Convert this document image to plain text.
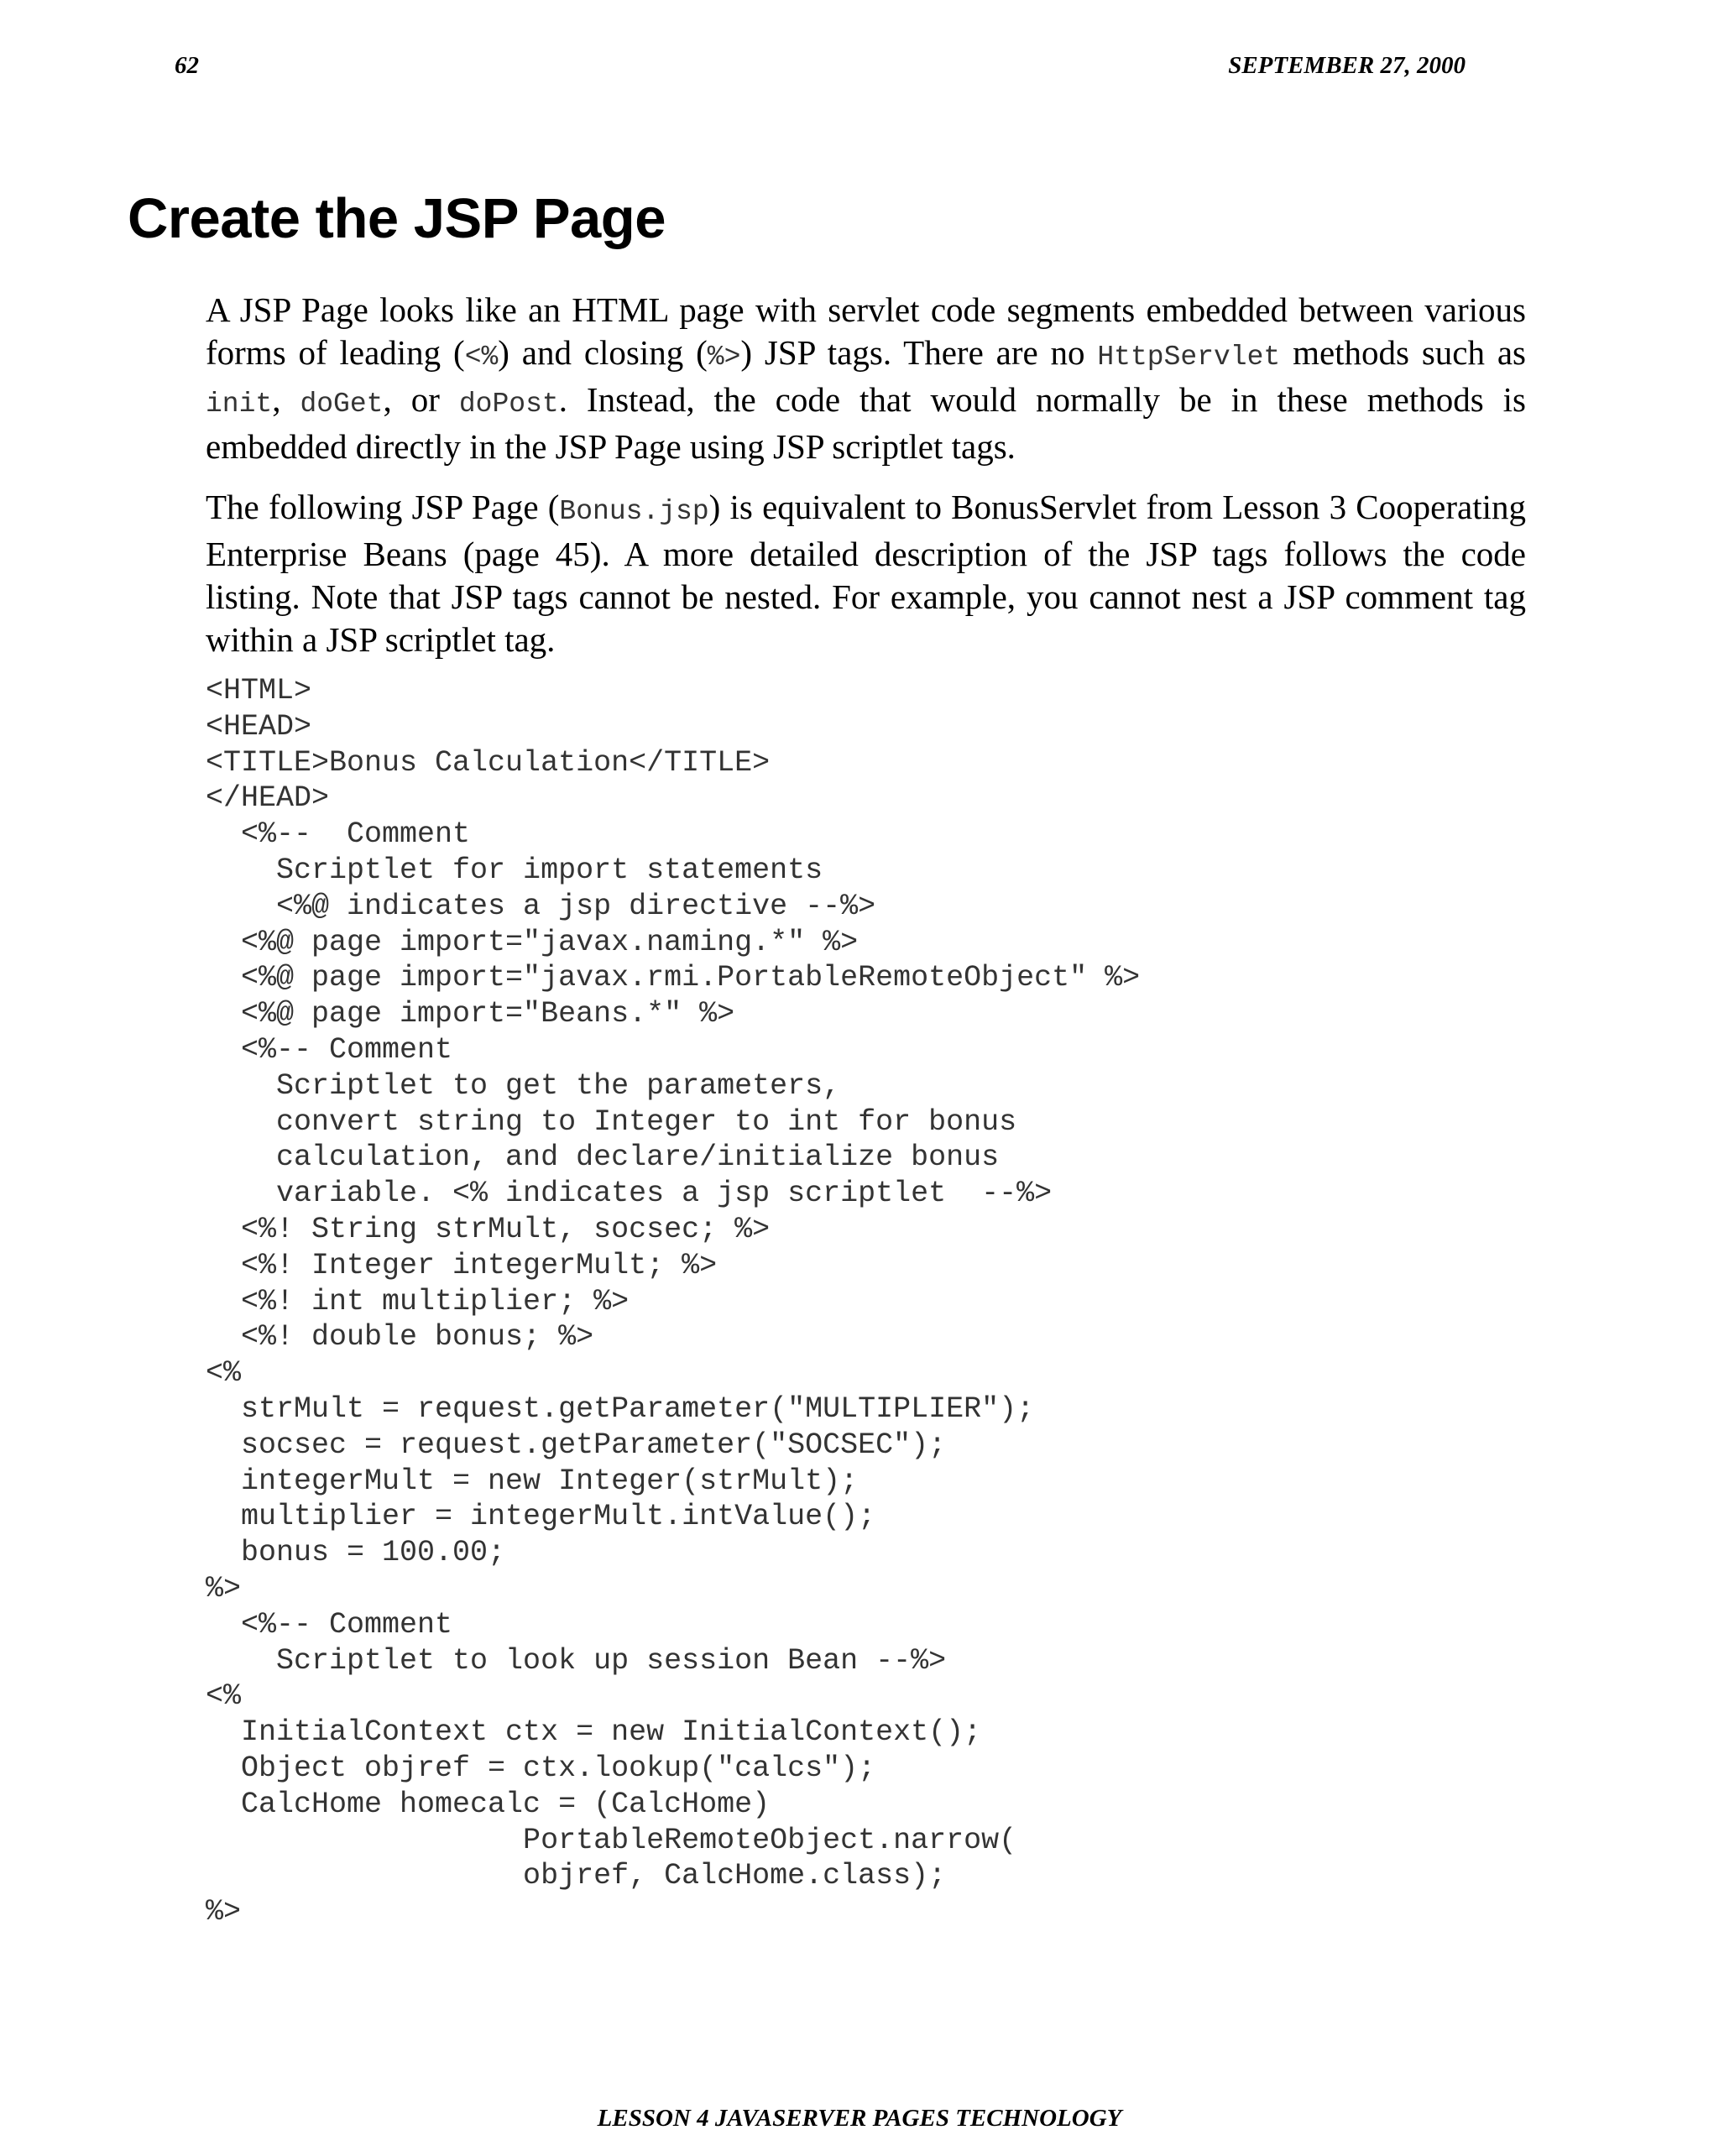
62	SEPTEMBER 27, 2000
Create the JSP Page

A JSP Page looks like an HTML page with servlet code segments embedded between various forms of leading (<%) and closing (%>) JSP tags. There are no HttpServlet methods such as init, doGet, or doPost. Instead, the code that would normally be in these methods is embedded directly in the JSP Page using JSP scriptlet tags.

The following JSP Page (Bonus.jsp) is equivalent to BonusServlet from Lesson 3 Cooperating Enterprise Beans (page 45). A more detailed description of the JSP tags follows the code listing. Note that JSP tags cannot be nested. For example, you cannot nest a JSP comment tag within a JSP scriptlet tag.

<HTML>
<HEAD>
<TITLE>Bonus Calculation</TITLE>
</HEAD>
<%--  Comment
Scriptlet for import statements
<%@ indicates a jsp directive --%>
<%@ page import="javax.naming.*" %>
<%@ page import="javax.rmi.PortableRemoteObject" %>
<%@ page import="Beans.*" %>
<%-- Comment
Scriptlet to get the parameters,
convert string to Integer to int for bonus
calculation, and declare/initialize bonus
variable. <% indicates a jsp scriptlet  --%>
<%! String strMult, socsec; %>
<%! Integer integerMult; %>
<%! int multiplier; %>
<%! double bonus; %>
<%
strMult = request.getParameter("MULTIPLIER");
socsec = request.getParameter("SOCSEC");
integerMult = new Integer(strMult);
multiplier = integerMult.intValue();
bonus = 100.00;
%>
<%-- Comment
Scriptlet to look up session Bean --%>
<%
InitialContext ctx = new InitialContext();
Object objref = ctx.lookup("calcs");
CalcHome homecalc = (CalcHome)
PortableRemoteObject.narrow(
objref, CalcHome.class);
%>
LESSON 4 JAVASERVER PAGES TECHNOLOGY
